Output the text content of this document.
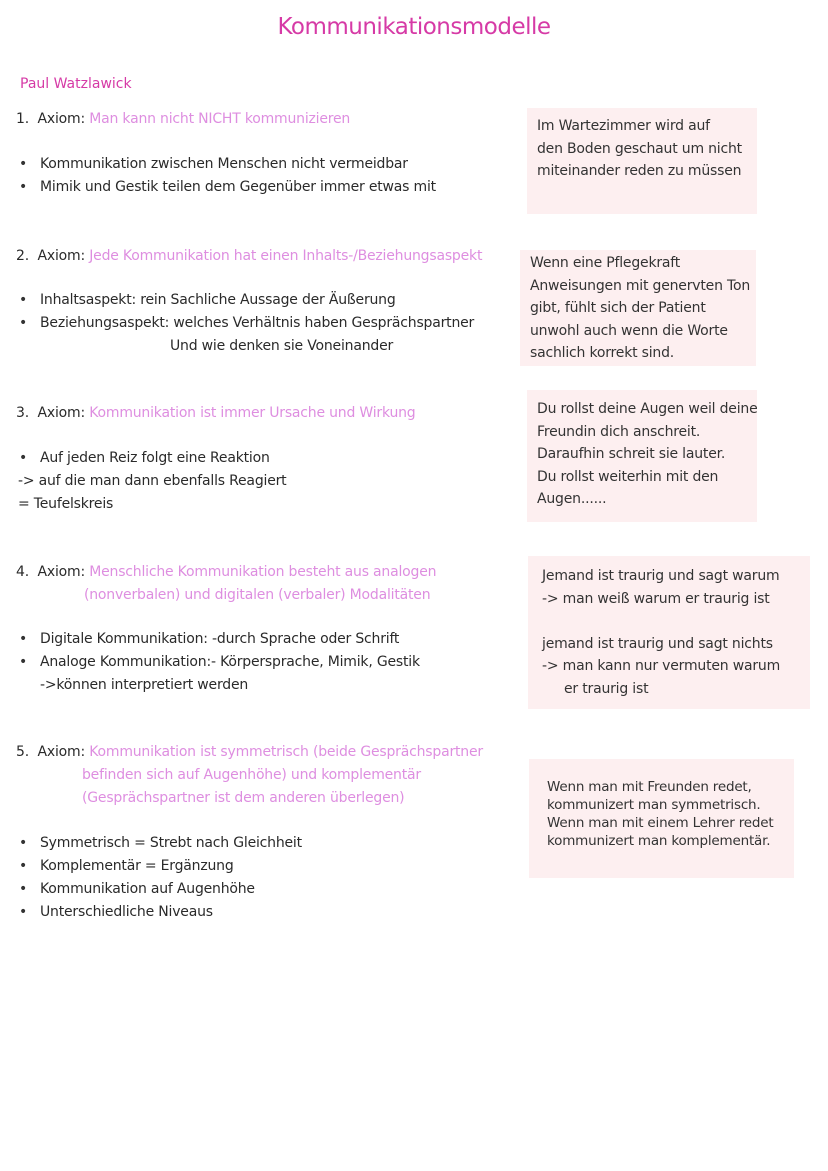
Kommunikationsmodelle
Paul Watzlawick
1. Axiom: Man kann nicht NICHT kommunizieren
• Kommunikation zwischen Menschen nicht vermeidbar
• Mimik und Gestik teilen dem Gegenüber immer etwas mit
Im Wartezimmer wird auf
den Boden geschaut um nicht
miteinander reden zu müssen
2. Axiom: Jede Kommunikation hat einen Inhalts-/Beziehungsaspekt
• Inhaltsaspekt: rein Sachliche Aussage der Äußerung
• Beziehungsaspekt: welches Verhältnis haben Gesprächspartner
Und wie denken sie Voneinander
Wenn eine Pflegekraft
Anweisungen mit genervten Ton
gibt, fühlt sich der Patient
unwohl auch wenn die Worte
sachlich korrekt sind.
3. Axiom: Kommunikation ist immer Ursache und Wirkung
• Auf jeden Reiz folgt eine Reaktion
-> auf die man dann ebenfalls Reagiert
= Teufelskreis
Du rollst deine Augen weil deine
Freundin dich anschreit.
Daraufhin schreit sie lauter.
Du rollst weiterhin mit den
Augen......
4. Axiom: Menschliche Kommunikation besteht aus analogen
(nonverbalen) und digitalen (verbaler) Modalitäten
• Digitale Kommunikation: -durch Sprache oder Schrift
• Analoge Kommunikation:- Körpersprache, Mimik, Gestik
->können interpretiert werden
Jemand ist traurig und sagt warum
-> man weiß warum er traurig ist
jemand ist traurig und sagt nichts
-> man kann nur vermuten warum
er traurig ist
5. Axiom: Kommunikation ist symmetrisch (beide Gesprächspartner
befinden sich auf Augenhöhe) und komplementär
(Gesprächspartner ist dem anderen überlegen)
• Symmetrisch = Strebt nach Gleichheit
• Komplementär = Ergänzung
• Kommunikation auf Augenhöhe
• Unterschiedliche Niveaus
Wenn man mit Freunden redet,
kommunizert man symmetrisch.
Wenn man mit einem Lehrer redet
kommunizert man komplementär.
